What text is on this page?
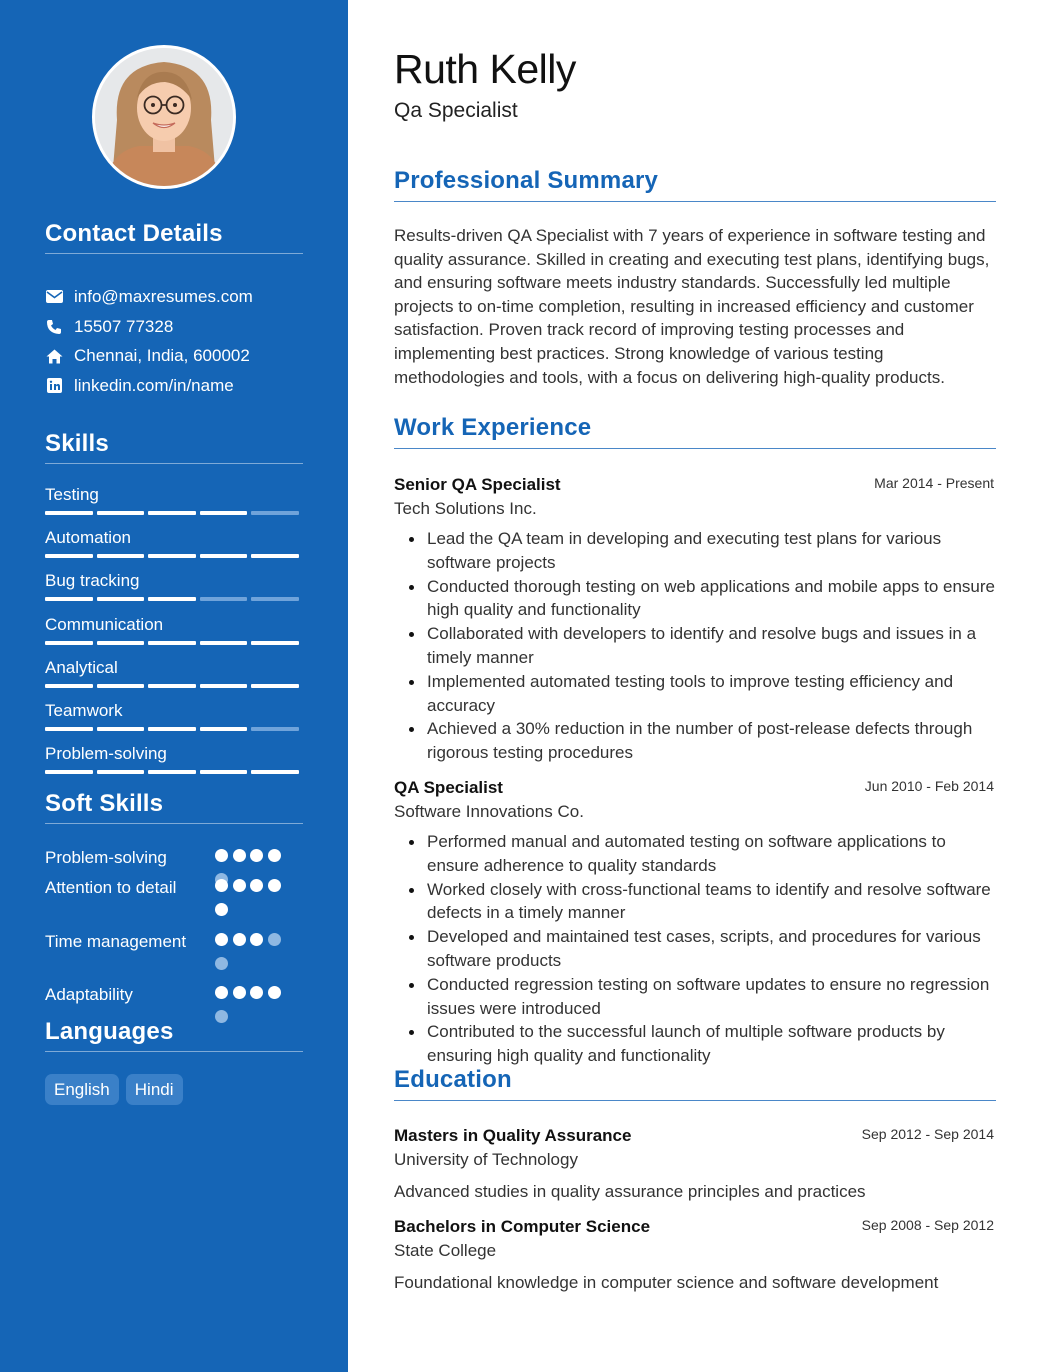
Contact Details
info@maxresumes.com
15507 77328
Chennai, India, 600002
linkedin.com/in/name
Skills
Testing
Automation
Bug tracking
Communication
Analytical
Teamwork
Problem-solving
Soft Skills
Problem-solving
Attention to detail
Time management
Adaptability
Languages
English	Hindi
Ruth Kelly
Qa Specialist
Professional Summary

Results-driven QA Specialist with 7 years of experience in software testing and quality assurance. Skilled in creating and executing test plans, identifying bugs, and ensuring software meets industry standards. Successfully led multiple projects to on-time completion, resulting in increased efficiency and customer satisfaction. Proven track record of improving testing processes and implementing best practices. Strong knowledge of various testing methodologies and tools, with a focus on delivering high-quality products.

Work Experience
Senior QA Specialist	Mar 2014 - Present
Tech Solutions Inc.
Lead the QA team in developing and executing test plans for various software projects
Conducted thorough testing on web applications and mobile apps to ensure high quality and functionality
Collaborated with developers to identify and resolve bugs and issues in a timely manner
Implemented automated testing tools to improve testing efficiency and accuracy
Achieved a 30% reduction in the number of post-release defects through rigorous testing procedures
QA Specialist	Jun 2010 - Feb 2014
Software Innovations Co.
Performed manual and automated testing on software applications to ensure adherence to quality standards
Worked closely with cross-functional teams to identify and resolve software defects in a timely manner
Developed and maintained test cases, scripts, and procedures for various software products
Conducted regression testing on software updates to ensure no regression issues were introduced
Contributed to the successful launch of multiple software products by ensuring high quality and functionality
Education
Masters in Quality Assurance	Sep 2012 - Sep 2014
University of Technology
Advanced studies in quality assurance principles and practices
Bachelors in Computer Science	Sep 2008 - Sep 2012
State College
Foundational knowledge in computer science and software development
